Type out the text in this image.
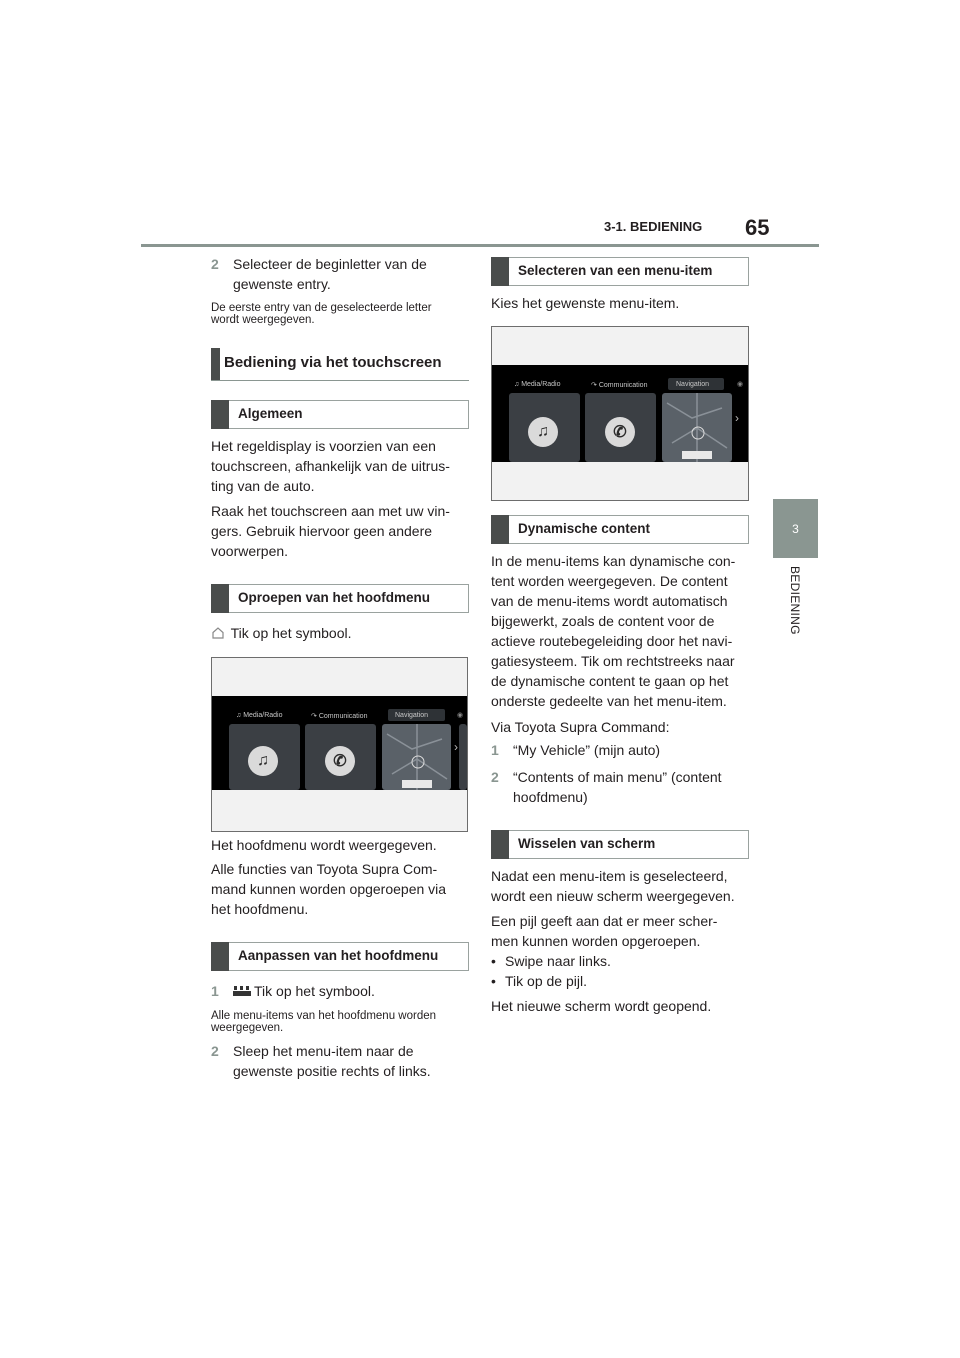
3-1. BEDIENING 65
3
BEDIENING
2 Selecteer de beginletter van de
gewenste entry.
De eerste entry van de geselecteerde letter
wordt weergegeven.
Bediening via het touchscreen
Algemeen
Het regeldisplay is voorzien van een
touchscreen, afhankelijk van de uitrus-
ting van de auto.
Raak het touchscreen aan met uw vin-
gers. Gebruik hiervoor geen andere
voorwerpen.
Oproepen van het hoofdmenu
Tik op het symbool.
♫ Media/Radio	↷ Communication	Navigation	◉
♫	✆
›
Het hoofdmenu wordt weergegeven.
Alle functies van Toyota Supra Com-
mand kunnen worden opgeroepen via
het hoofdmenu.
Aanpassen van het hoofdmenu
1	Tik op het symbool.
Alle menu-items van het hoofdmenu worden
weergegeven.
2 Sleep het menu-item naar de
gewenste positie rechts of links.
Selecteren van een menu-item
Kies het gewenste menu-item.
♫ Media/Radio	↷ Communication	Navigation	◉
♫	✆
›
Dynamische content
In de menu-items kan dynamische con-
tent worden weergegeven. De content
van de menu-items wordt automatisch
bijgewerkt, zoals de content voor de
actieve routebegeleiding door het navi-
gatiesysteem. Tik om rechtstreeks naar
de dynamische content te gaan op het
onderste gedeelte van het menu-item.
Via Toyota Supra Command:
1 “My Vehicle” (mijn auto)
2 “Contents of main menu” (content
hoofdmenu)
Wisselen van scherm
Nadat een menu-item is geselecteerd,
wordt een nieuw scherm weergegeven.
Een pijl geeft aan dat er meer scher-
men kunnen worden opgeroepen.
• Swipe naar links.
• Tik op de pijl.
Het nieuwe scherm wordt geopend.
